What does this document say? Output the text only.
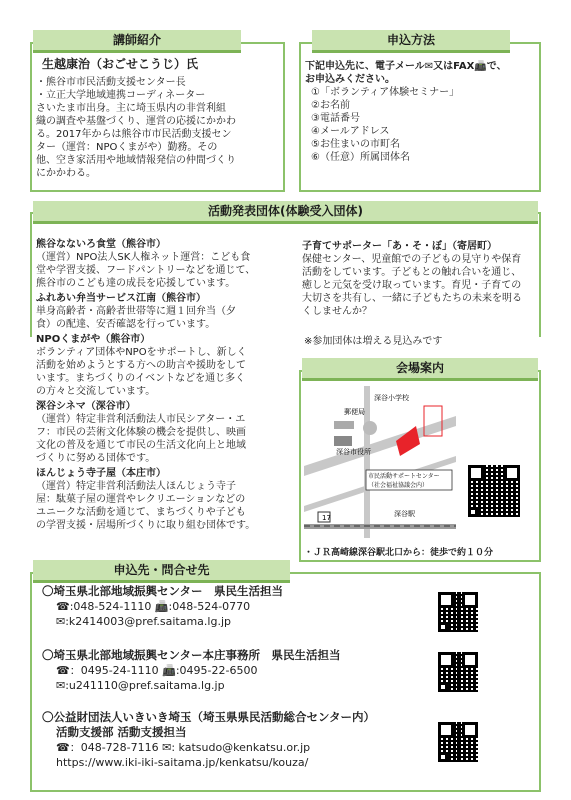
講師紹介
生越康治（おごせこうじ）氏
・熊谷市市民活動支援センター長
・立正大学地域連携コーディネーター
さいたま市出身。主に埼玉県内の非営利組
織の調査や基盤づくり、運営の応援にかかわ
る。2017年からは熊谷市市民活動支援セン
ター（運営：NPOくまがや）勤務。その
他、空き家活用や地域情報発信の仲間づくり
にかかわる。
申込方法
下記申込先に、電子メール✉又はFAX📠で、
お申込みください。
①「ボランティア体験セミナー」
②お名前
③電話番号
④メールアドレス
⑤お住まいの市町名
⑥（任意）所属団体名
活動発表団体(体験受入団体)
熊谷なないろ食堂（熊谷市）
（運営）NPO法人SK人権ネット運営：こども食
堂や学習支援、フードパントリーなどを通じて、
熊谷市のこども達の成長を応援しています。
ふれあい弁当サービス江南（熊谷市）
単身高齢者・高齢者世帯等に週１回弁当（夕
食）の配達、安否確認を行っています。
NPOくまがや（熊谷市）
ボランティア団体やNPOをサポートし、新しく
活動を始めようとする方への助言や援助をして
います。まちづくりのイベントなどを通じ多く
の方々と交流しています。
深谷シネマ（深谷市）
（運営）特定非営利活動法人市民シアター・エ
フ：市民の芸術文化体験の機会を提供し、映画
文化の普及を通じて市民の生活文化向上と地域
づくりに努める団体です。
ほんじょう寺子屋（本庄市）
（運営）特定非営利活動法人ほんじょう寺子
屋：駄菓子屋の運営やレクリエーションなどの
ユニークな活動を通じて、まちづくりや子ども
の学習支援・居場所づくりに取り組む団体です。
子育てサポーター「あ・そ・ぼ」（寄居町）
保健センター、児童館での子どもの見守りや保育
活動をしています。子どもとの触れ合いを通じ、
癒しと元気を受け取っています。育児・子育ての
大切さを共有し、一緒に子どもたちの未来を明る
くしませんか？
※参加団体は増える見込みです
会場案内
17
深谷小学校
郵便局
深谷市役所
市民活動サポートセンター
（社会福祉協議会内）
深谷駅
・ＪＲ高崎線深谷駅北口から：徒歩で約１０分
申込先・問合せ先
〇埼玉県北部地域振興センター　県民生活担当
☎:048-524-1110 📠:048-524-0770
✉:k2414003@pref.saitama.lg.jp
〇埼玉県北部地域振興センター本庄事務所　県民生活担当
☎：0495-24-1110 📠:0495-22-6500
✉:u241110@pref.saitama.lg.jp
〇公益財団法人いきいき埼玉（埼玉県県民活動総合センター内）
活動支援部 活動支援担当
☎：048-728-7116 ✉: katsudo@kenkatsu.or.jp
https://www.iki-iki-saitama.jp/kenkatsu/kouza/
